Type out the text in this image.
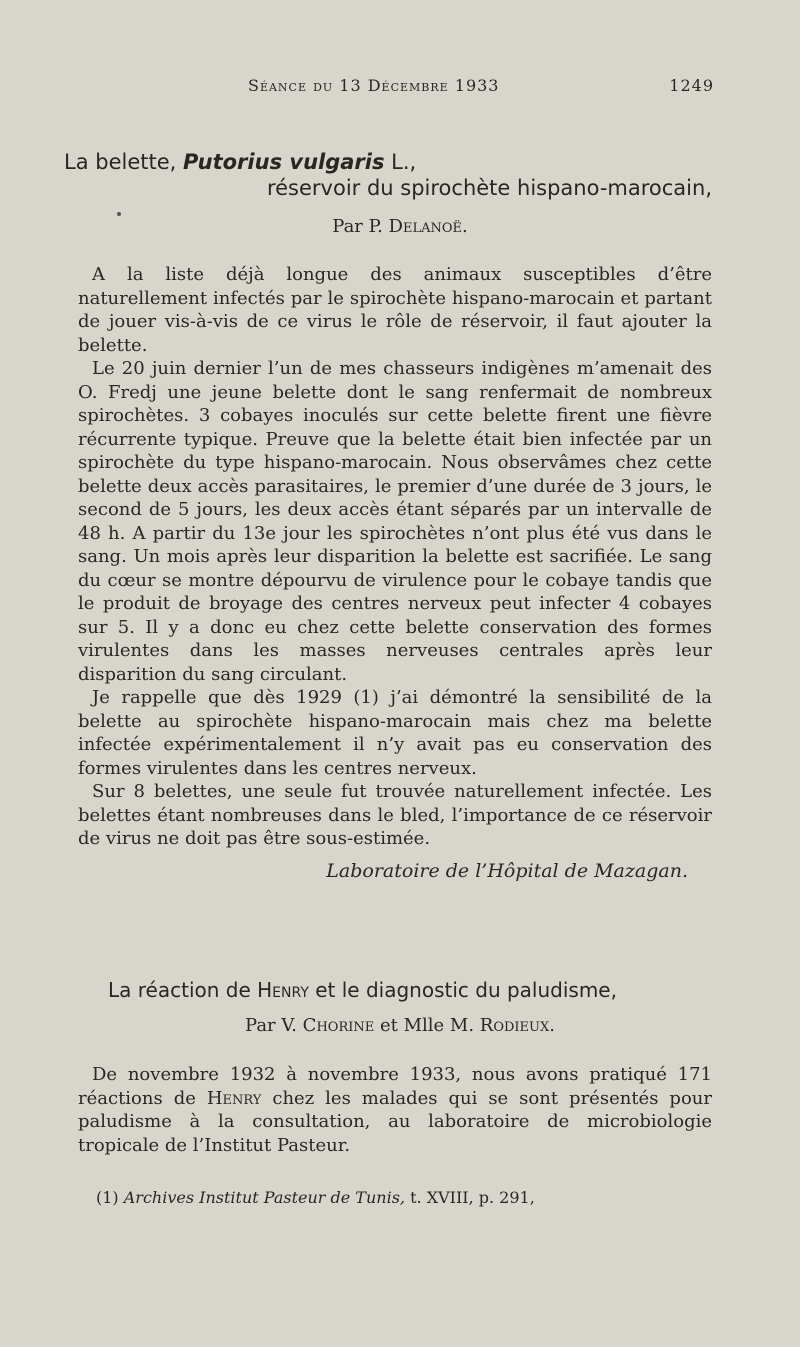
Séance du 13 Décembre 1933	1249
La belette, Putorius vulgaris L.,
réservoir du spirochète hispano-marocain,
Par P. Delanoë.

A la liste déjà longue des animaux susceptibles d’être naturellement infectés par le spirochète hispano-marocain et partant de jouer vis-à-vis de ce virus le rôle de réservoir, il faut ajouter la belette.

Le 20 juin dernier l’un de mes chasseurs indigènes m’amenait des O. Fredj une jeune belette dont le sang renfermait de nombreux spirochètes. 3 cobayes inoculés sur cette belette firent une fièvre récurrente typique. Preuve que la belette était bien infectée par un spirochète du type hispano-marocain. Nous observâmes chez cette belette deux accès parasitaires, le premier d’une durée de 3 jours, le second de 5 jours, les deux accès étant séparés par un intervalle de 48 h. A partir du 13e jour les spirochètes n’ont plus été vus dans le sang. Un mois après leur disparition la belette est sacrifiée. Le sang du cœur se montre dépourvu de virulence pour le cobaye tandis que le produit de broyage des centres nerveux peut infecter 4 cobayes sur 5. Il y a donc eu chez cette belette conservation des formes virulentes dans les masses nerveuses centrales après leur disparition du sang circulant.

Je rappelle que dès 1929 (1) j’ai démontré la sensibilité de la belette au spirochète hispano-marocain mais chez ma belette infectée expérimentalement il n’y avait pas eu conservation des formes virulentes dans les centres nerveux.

Sur 8 belettes, une seule fut trouvée naturellement infectée. Les belettes étant nombreuses dans le bled, l’importance de ce réservoir de virus ne doit pas être sous-estimée.

Laboratoire de l’Hôpital de Mazagan.
La réaction de Henry et le diagnostic du paludisme,
Par V. Chorine et Mlle M. Rodieux.

De novembre 1932 à novembre 1933, nous avons pratiqué 171 réactions de Henry chez les malades qui se sont présentés pour paludisme à la consultation, au laboratoire de microbiologie tropicale de l’Institut Pasteur.

(1) Archives Institut Pasteur de Tunis, t. XVIII, p. 291,
